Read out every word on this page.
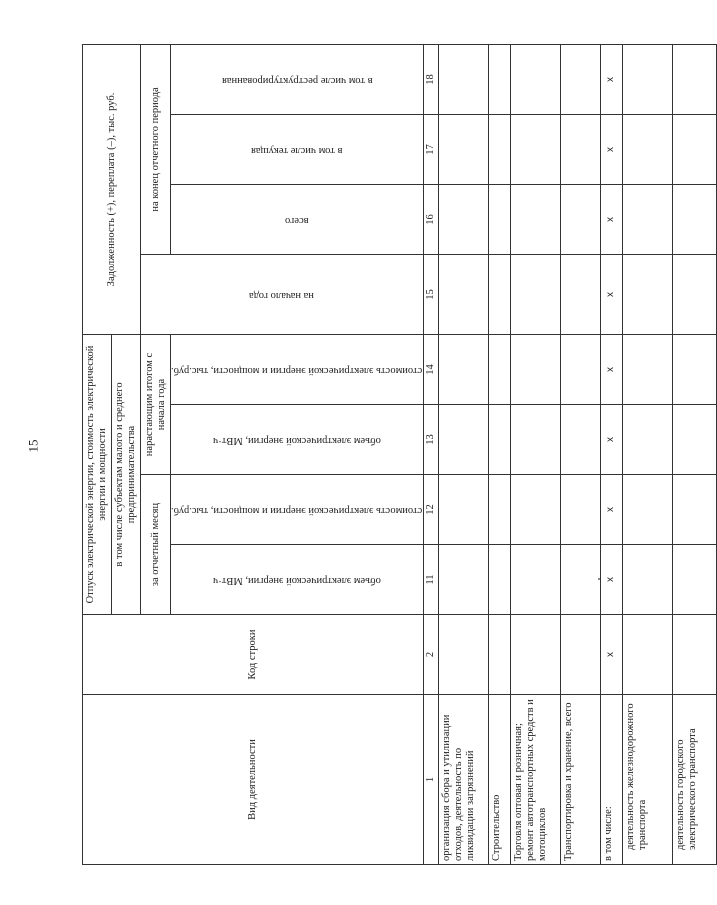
15
Вид деятельности	Код строки	Отпуск электрической энергии, стоимость электрической энергии и мощности				Задолженность (+), переплата (–), тыс. руб.			
		в том числе субъектам малого и среднего предпринимательства							
		за отчетный месяц		нарастающим итогом с начала года		на начало года	на конец отчетного периода		

		объем электрической энергии, МВт·ч	стоимость электрической энергии и мощности, тыс.руб.	объем электрической энергии, МВт·ч	стоимость электрической энергии и мощности, тыс.руб.		всего	в том числе текущая	в том числе реструктурированная

1	2	11	12	13	14	15	16	17	18
организация сбора и утилизации отходов, деятельность по ликвидации загрязнений									
Строительство									
Торговля оптовая и розничная; ремонт автотранспортных средств и мотоциклов									
Транспортировка и хранение, всего									
в том числе:	x	x	x	x	x	x	x	x	x
деятельность железнодорожного транспорта									
деятельность городского электрического транспорта									
